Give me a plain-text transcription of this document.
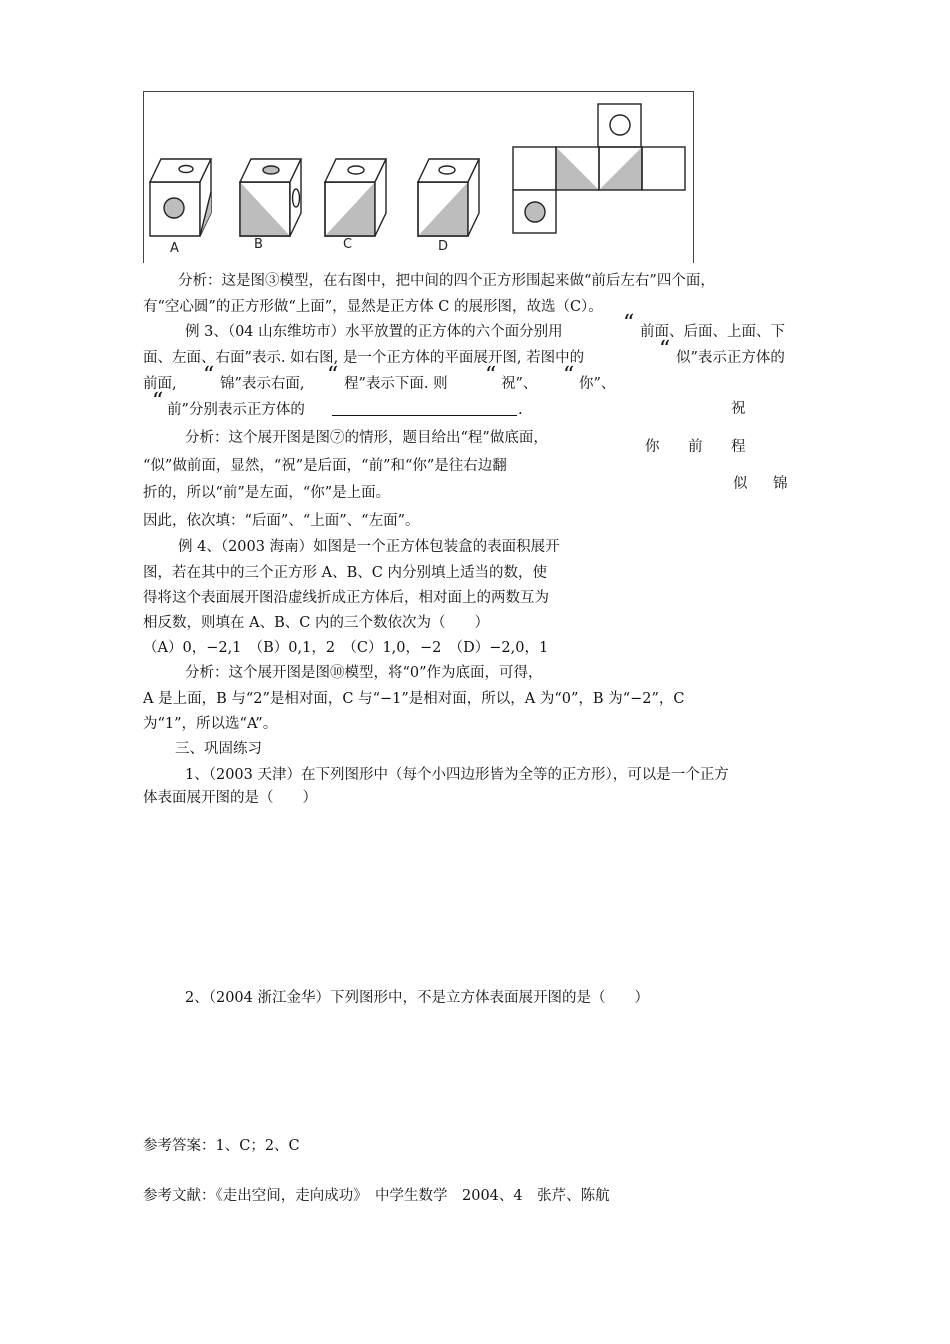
A	B	C	D
分析：这是图③模型，在右图中，把中间的四个正方形围起来做“前后左右”四个面，
有“空心圆”的正方形做“上面”，显然是正方体 C 的展形图，故选（C）。
例 3、（04 山东维坊市）水平放置的正方体的六个面分别用	“ 前面、后面、上面、下
面、左面、右面”表示. 如右图, 是一个正方体的平面展开图, 若图中的	“ 似”表示正方体的
前面, “ 锦”表示右面, “ 程”表示下面. 则 “ 祝”、 “ 你”、
“ 前”分别表示正方体的	.	祝
你 前 程
似 锦
分析：这个展开图是图⑦的情形，题目给出“程”做底面，
“似”做前面，显然，“祝”是后面，“前”和“你”是往右边翻
折的，所以“前”是左面，“你”是上面。
因此，依次填：“后面”、“上面”、“左面”。
例 4、（2003 海南）如图是一个正方体包装盒的表面积展开
图，若在其中的三个正方形 A、B、C 内分别填上适当的数，使
得将这个表面展开图沿虚线折成正方体后，相对面上的两数互为
相反数，则填在 A、B、C 内的三个数依次为（　　）
（A）0，−2,1　（B）0,1，2　（C）1,0，−2　（D）−2,0，1
分析：这个展开图是图⑩模型，将“0”作为底面，可得，
A 是上面，B 与“2”是相对面，C 与“−1”是相对面，所以，A 为“0”，B 为“−2”，C
为“1”，所以选“A”。
三、巩固练习
1、（2003 天津）在下列图形中（每个小四边形皆为全等的正方形），可以是一个正方
体表面展开图的是（　　）
2、（2004 浙江金华）下列图形中，不是立方体表面展开图的是（　　）
参考答案：1、C；2、C
参考文献：《走出空间，走向成功》　中学生数学　2004、4　张芹、陈航
